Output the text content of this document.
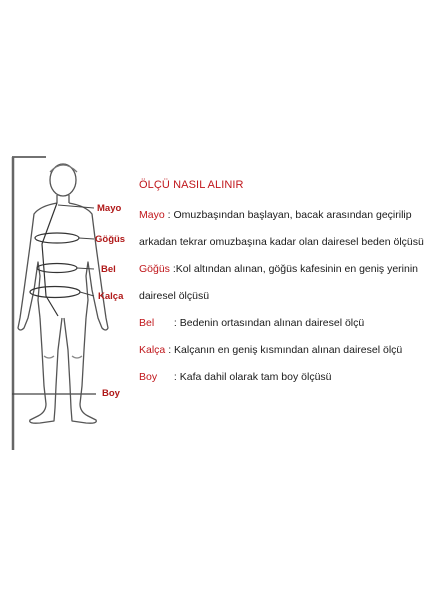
Mayo
Göğüs
Bel
Kalça
Boy
ÖLÇÜ NASIL ALINIR
Mayo : Omuzbaşından başlayan, bacak arasından geçirilip
arkadan tekrar omuzbaşına kadar olan dairesel beden ölçüsü
Göğüs :Kol altından alınan, göğüs kafesinin en geniş yerinin
dairesel ölçüsü
Bel : Bedenin ortasından alınan dairesel ölçü
Kalça : Kalçanın en geniş kısmından alınan dairesel ölçü
Boy : Kafa dahil olarak tam boy ölçüsü
